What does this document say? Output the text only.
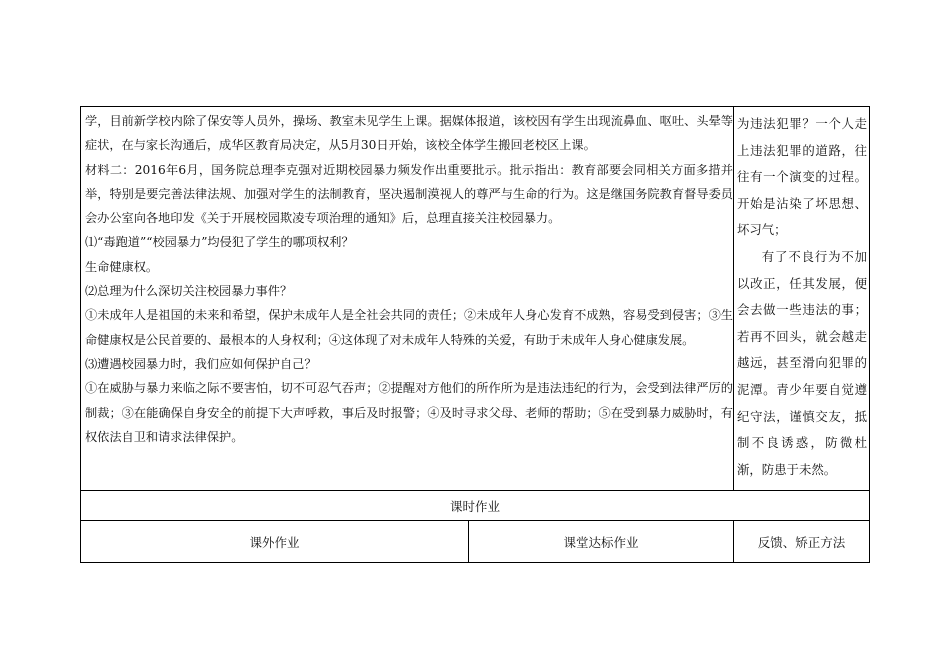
学，目前新学校内除了保安等人员外，操场、教室未见学生上课。据媒体报道，该校因有学生出现流鼻血、呕吐、头晕等症状，在与家长沟通后，成华区教育局决定，从5月30日开始，该校全体学生搬回老校区上课。

材料二：2016年6月，国务院总理李克强对近期校园暴力频发作出重要批示。批示指出：教育部要会同相关方面多措并举，特别是要完善法律法规、加强对学生的法制教育，坚决遏制漠视人的尊严与生命的行为。这是继国务院教育督导委员会办公室向各地印发《关于开展校园欺凌专项治理的通知》后，总理直接关注校园暴力。

⑴“毒跑道”“校园暴力”均侵犯了学生的哪项权利？

生命健康权。

⑵总理为什么深切关注校园暴力事件？

①未成年人是祖国的未来和希望，保护未成年人是全社会共同的责任；②未成年人身心发育不成熟，容易受到侵害；③生命健康权是公民首要的、最根本的人身权利；④这体现了对未成年人特殊的关爱，有助于未成年人身心健康发展。

⑶遭遇校园暴力时，我们应如何保护自己？

①在威胁与暴力来临之际不要害怕，切不可忍气吞声；②提醒对方他们的所作所为是违法违纪的行为，会受到法律严厉的制裁；③在能确保自身安全的前提下大声呼救，事后及时报警；④及时寻求父母、老师的帮助；⑤在受到暴力威胁时，有权依法自卫和请求法律保护。

为违法犯罪？一个人走上违法犯罪的道路，往往有一个演变的过程。开始是沾染了坏思想、坏习气；

有了不良行为不加以改正，任其发展，便会去做一些违法的事；若再不回头，就会越走越远，甚至滑向犯罪的泥潭。青少年要自觉遵纪守法，谨慎交友，抵制不良诱惑，防微杜渐，防患于未然。

课时作业
课外作业	课堂达标作业	反馈、矫正方法
